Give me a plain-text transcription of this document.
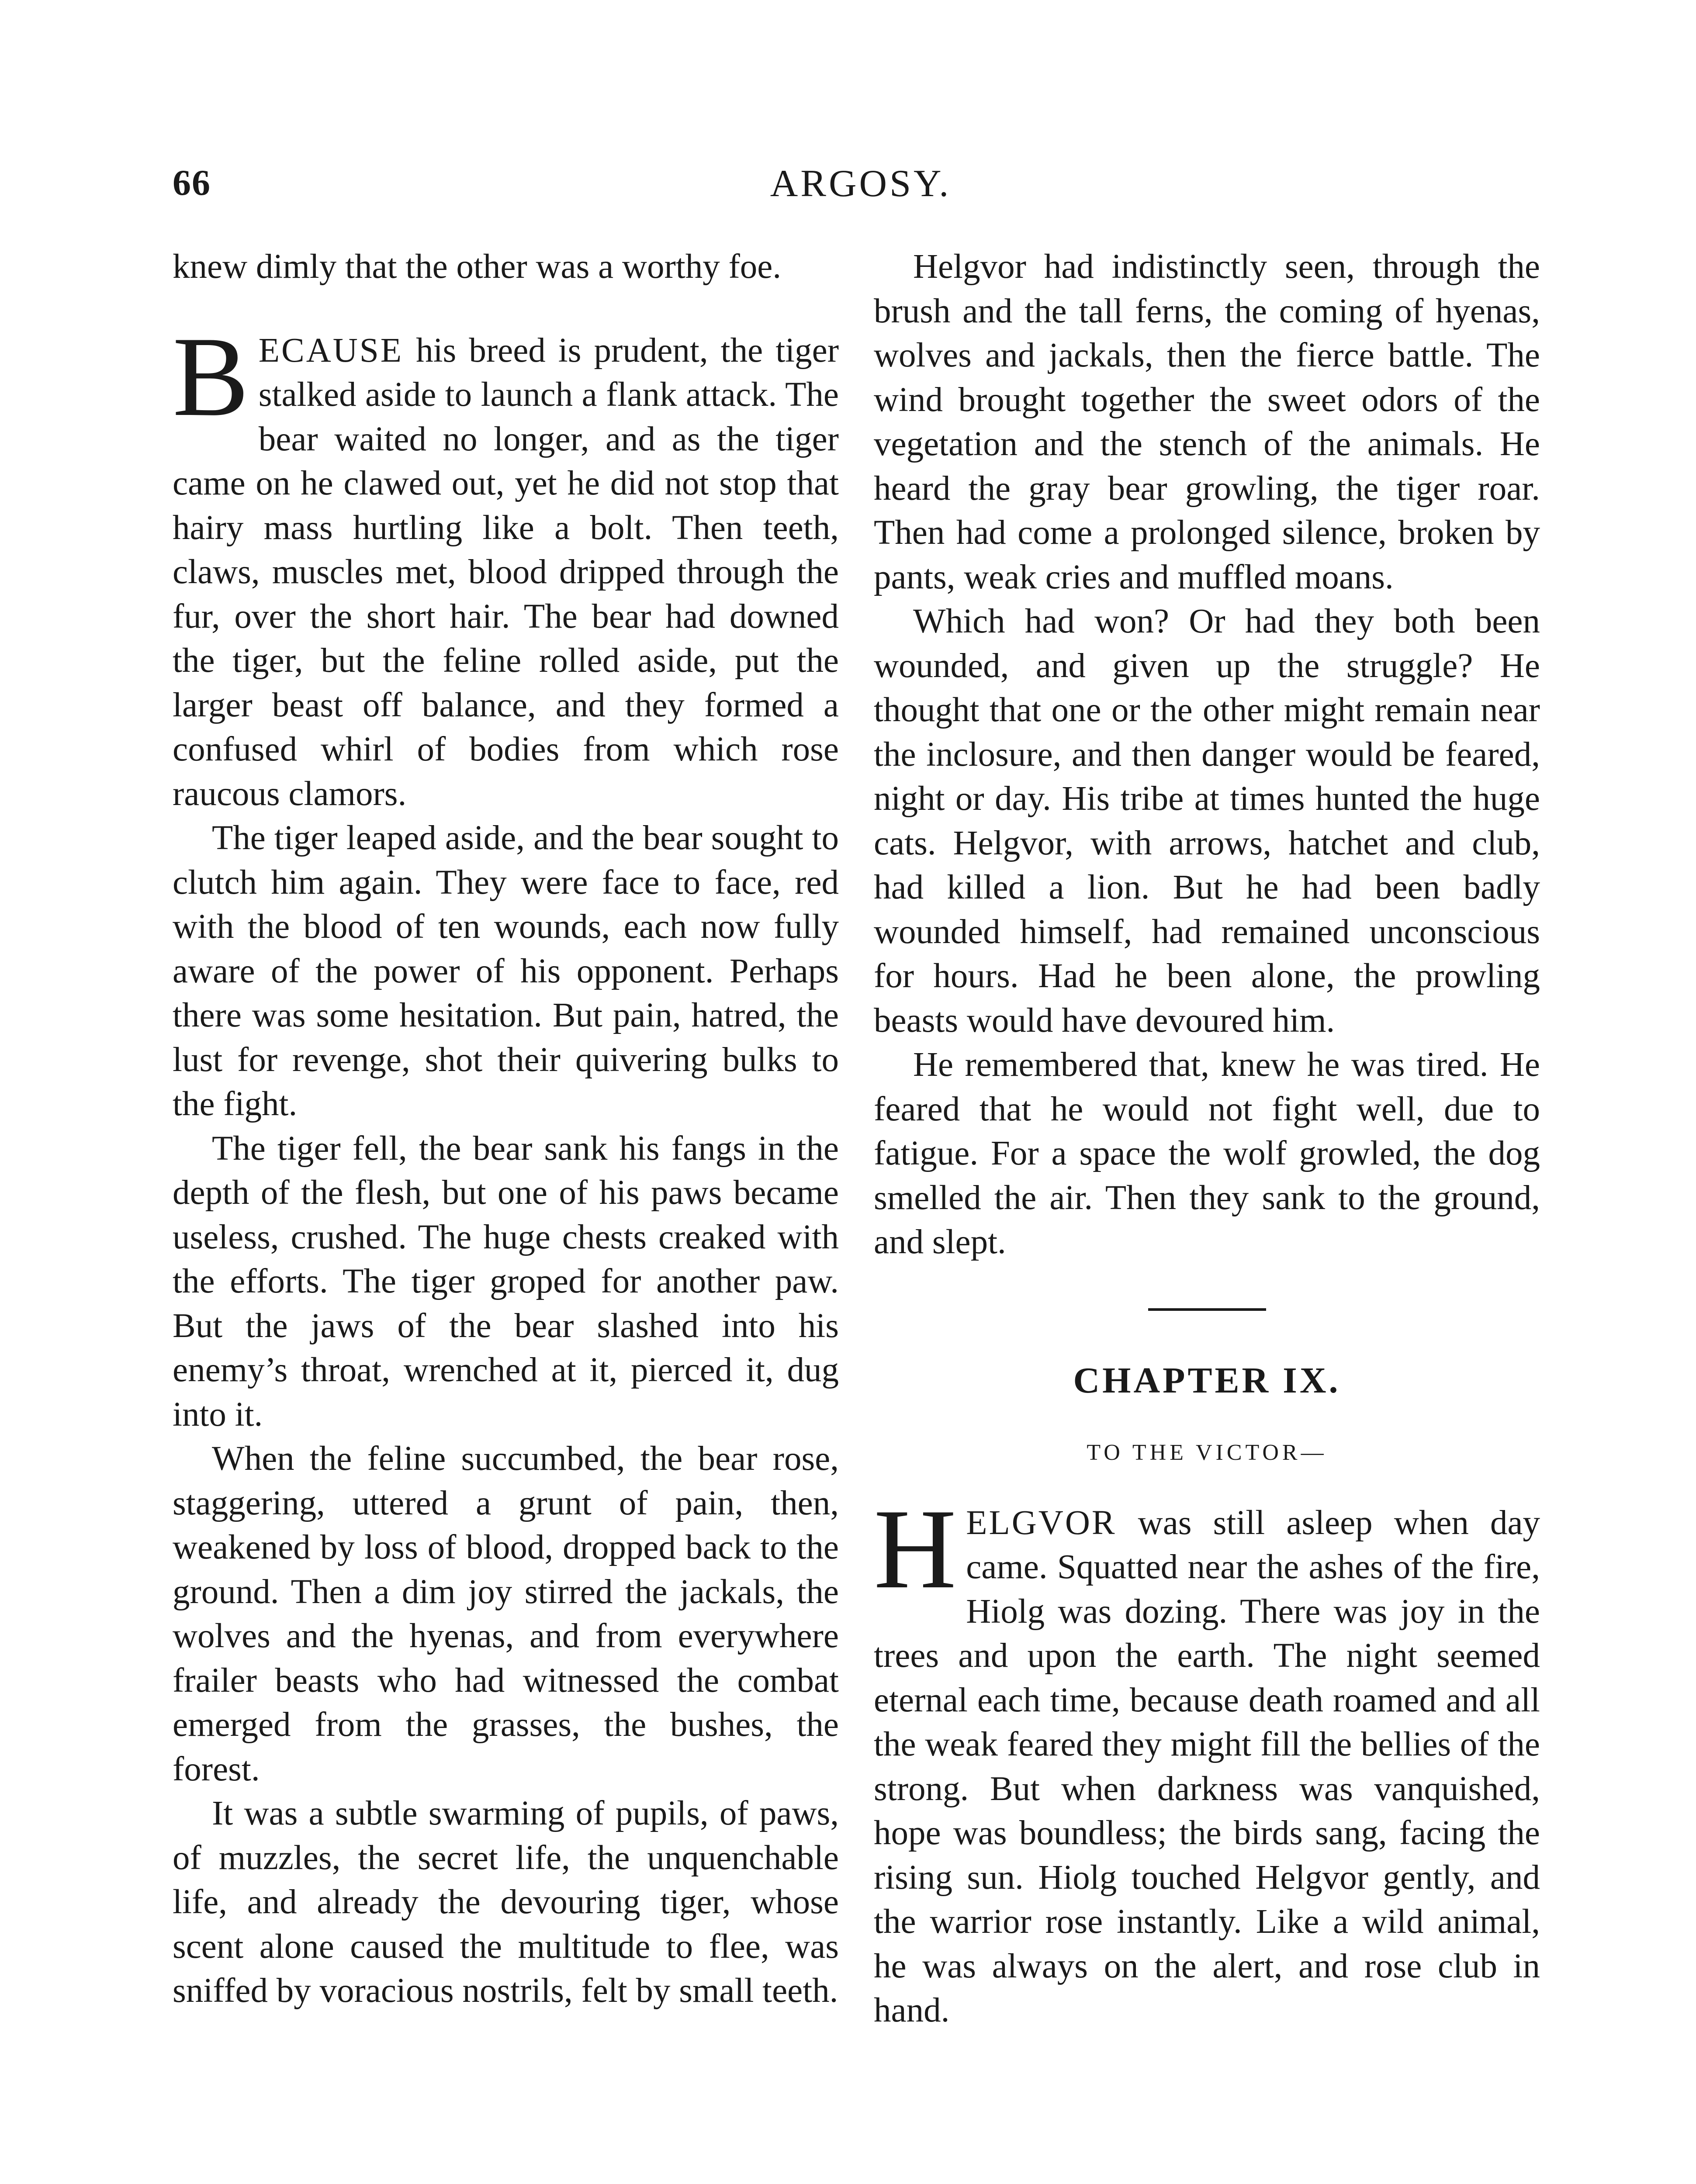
66	ARGOSY.

knew dimly that the other was a worthy foe.

BECAUSE his breed is prudent, the tiger stalked aside to launch a flank attack. The bear waited no longer, and as the tiger came on he clawed out, yet he did not stop that hairy mass hurtling like a bolt. Then teeth, claws, muscles met, blood dripped through the fur, over the short hair. The bear had downed the tiger, but the feline rolled aside, put the larger beast off balance, and they formed a confused whirl of bodies from which rose raucous clamors.

The tiger leaped aside, and the bear sought to clutch him again. They were face to face, red with the blood of ten wounds, each now fully aware of the power of his opponent. Perhaps there was some hesitation. But pain, hatred, the lust for revenge, shot their quivering bulks to the fight.

The tiger fell, the bear sank his fangs in the depth of the flesh, but one of his paws became useless, crushed. The huge chests creaked with the efforts. The tiger groped for another paw. But the jaws of the bear slashed into his enemy’s throat, wrenched at it, pierced it, dug into it.

When the feline succumbed, the bear rose, staggering, uttered a grunt of pain, then, weakened by loss of blood, dropped back to the ground. Then a dim joy stirred the jackals, the wolves and the hyenas, and from everywhere frailer beasts who had witnessed the combat emerged from the grasses, the bushes, the forest.

It was a subtle swarming of pupils, of paws, of muzzles, the secret life, the unquenchable life, and already the devouring tiger, whose scent alone caused the multitude to flee, was sniffed by voracious nostrils, felt by small teeth.

Helgvor had indistinctly seen, through the brush and the tall ferns, the coming of hyenas, wolves and jackals, then the fierce battle. The wind brought together the sweet odors of the vegetation and the stench of the animals. He heard the gray bear growling, the tiger roar. Then had come a prolonged silence, broken by pants, weak cries and muffled moans.

Which had won? Or had they both been wounded, and given up the struggle? He thought that one or the other might remain near the inclosure, and then danger would be feared, night or day. His tribe at times hunted the huge cats. Helgvor, with arrows, hatchet and club, had killed a lion. But he had been badly wounded himself, had remained unconscious for hours. Had he been alone, the prowling beasts would have devoured him.

He remembered that, knew he was tired. He feared that he would not fight well, due to fatigue. For a space the wolf growled, the dog smelled the air. Then they sank to the ground, and slept.

CHAPTER IX.
TO THE VICTOR—

HELGVOR was still asleep when day came. Squatted near the ashes of the fire, Hiolg was dozing. There was joy in the trees and upon the earth. The night seemed eternal each time, because death roamed and all the weak feared they might fill the bellies of the strong. But when darkness was vanquished, hope was boundless; the birds sang, facing the rising sun. Hiolg touched Helgvor gently, and the warrior rose instantly. Like a wild animal, he was always on the alert, and rose club in hand.
